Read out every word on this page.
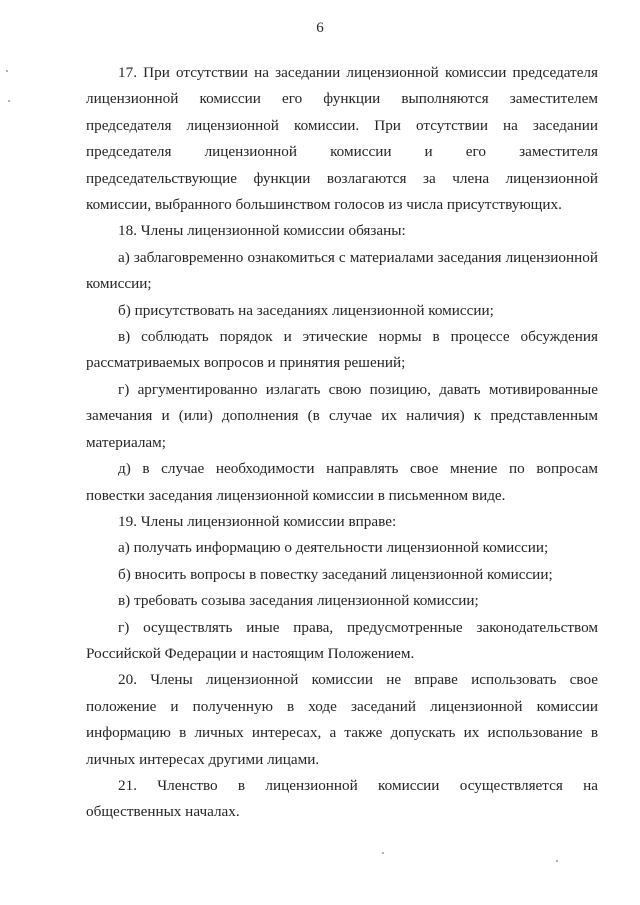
6

17. При отсутствии на заседании лицензионной комиссии председателя лицензионной комиссии его функции выполняются заместителем председателя лицензионной комиссии. При отсутствии на заседании председателя лицензионной комиссии и его заместителя председательствующие функции возлагаются за члена лицензионной комиссии, выбранного большинством голосов из числа присутствующих.

18. Члены лицензионной комиссии обязаны:

а) заблаговременно ознакомиться с материалами заседания лицензионной комиссии;

б) присутствовать на заседаниях лицензионной комиссии;

в) соблюдать порядок и этические нормы в процессе обсуждения рассматриваемых вопросов и принятия решений;

г) аргументированно излагать свою позицию, давать мотивированные замечания и (или) дополнения (в случае их наличия) к представленным материалам;

д) в случае необходимости направлять свое мнение по вопросам повестки заседания лицензионной комиссии в письменном виде.

19. Члены лицензионной комиссии вправе:

а) получать информацию о деятельности лицензионной комиссии;

б) вносить вопросы в повестку заседаний лицензионной комиссии;

в) требовать созыва заседания лицензионной комиссии;

г) осуществлять иные права, предусмотренные законодательством Российской Федерации и настоящим Положением.

20. Члены лицензионной комиссии не вправе использовать свое положение и полученную в ходе заседаний лицензионной комиссии информацию в личных интересах, а также допускать их использование в личных интересах другими лицами.

21. Членство в лицензионной комиссии осуществляется на общественных началах.
